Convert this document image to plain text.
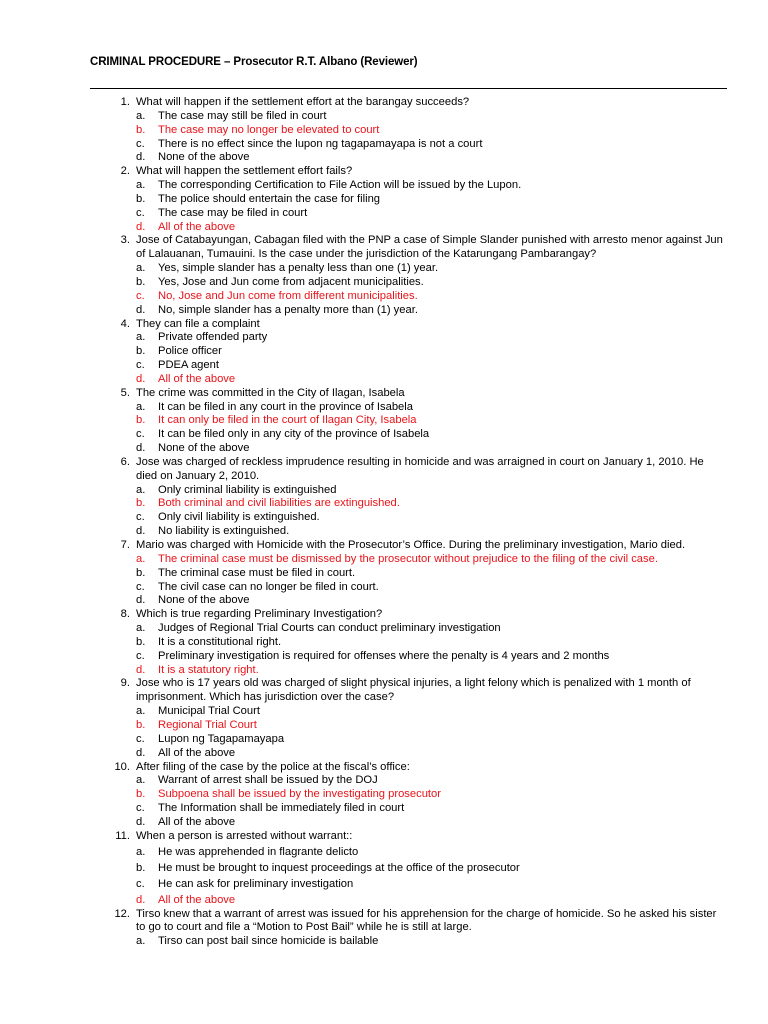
CRIMINAL PROCEDURE – Prosecutor R.T. Albano (Reviewer)
1. What will happen if the settlement effort at the barangay succeeds?
a. The case may still be filed in court
b. The case may no longer be elevated to court
c. There is no effect since the lupon ng tagapamayapa is not a court
d. None of the above
2. What will happen the settlement effort fails?
a. The corresponding Certification to File Action will be issued by the Lupon.
b. The police should entertain the case for filing
c. The case may be filed in court
d. All of the above
3. Jose of Catabayungan, Cabagan filed with the PNP a case of Simple Slander punished with arresto menor against Jun of Lalauanan, Tumauini. Is the case under the jurisdiction of the Katarungang Pambarangay?
a. Yes, simple slander has a penalty less than one (1) year.
b. Yes, Jose and Jun come from adjacent municipalities.
c. No, Jose and Jun come from different municipalities.
d. No, simple slander has a penalty more than (1) year.
4. They can file a complaint
a. Private offended party
b. Police officer
c. PDEA agent
d. All of the above
5. The crime was committed in the City of Ilagan, Isabela
a. It can be filed in any court in the province of Isabela
b. It can only be filed in the court of Ilagan City, Isabela
c. It can be filed only in any city of the province of Isabela
d. None of the above
6. Jose was charged of reckless imprudence resulting in homicide and was arraigned in court on January 1, 2010. He died on January 2, 2010.
a. Only criminal liability is extinguished
b. Both criminal and civil liabilities are extinguished.
c. Only civil liability is extinguished.
d. No liability is extinguished.
7. Mario was charged with Homicide with the Prosecutor’s Office. During the preliminary investigation, Mario died.
a. The criminal case must be dismissed by the prosecutor without prejudice to the filing of the civil case.
b. The criminal case must be filed in court.
c. The civil case can no longer be filed in court.
d. None of the above
8. Which is true regarding Preliminary Investigation?
a. Judges of Regional Trial Courts can conduct preliminary investigation
b. It is a constitutional right.
c. Preliminary investigation is required for offenses where the penalty is 4 years and 2 months
d. It is a statutory right.
9. Jose who is 17 years old was charged of slight physical injuries, a light felony which is penalized with 1 month of imprisonment. Which has jurisdiction over the case?
a. Municipal Trial Court
b. Regional Trial Court
c. Lupon ng Tagapamayapa
d. All of the above
10. After filing of the case by the police at the fiscal’s office:
a. Warrant of arrest shall be issued by the DOJ
b. Subpoena shall be issued by the investigating prosecutor
c. The Information shall be immediately filed in court
d. All of the above
11. When a person is arrested without warrant::
a. He was apprehended in flagrante delicto
b. He must be brought to inquest proceedings at the office of the prosecutor
c. He can ask for preliminary investigation
d. All of the above
12. Tirso knew that a warrant of arrest was issued for his apprehension for the charge of homicide. So he asked his sister to go to court and file a “Motion to Post Bail” while he is still at large.
a. Tirso can post bail since homicide is bailable
